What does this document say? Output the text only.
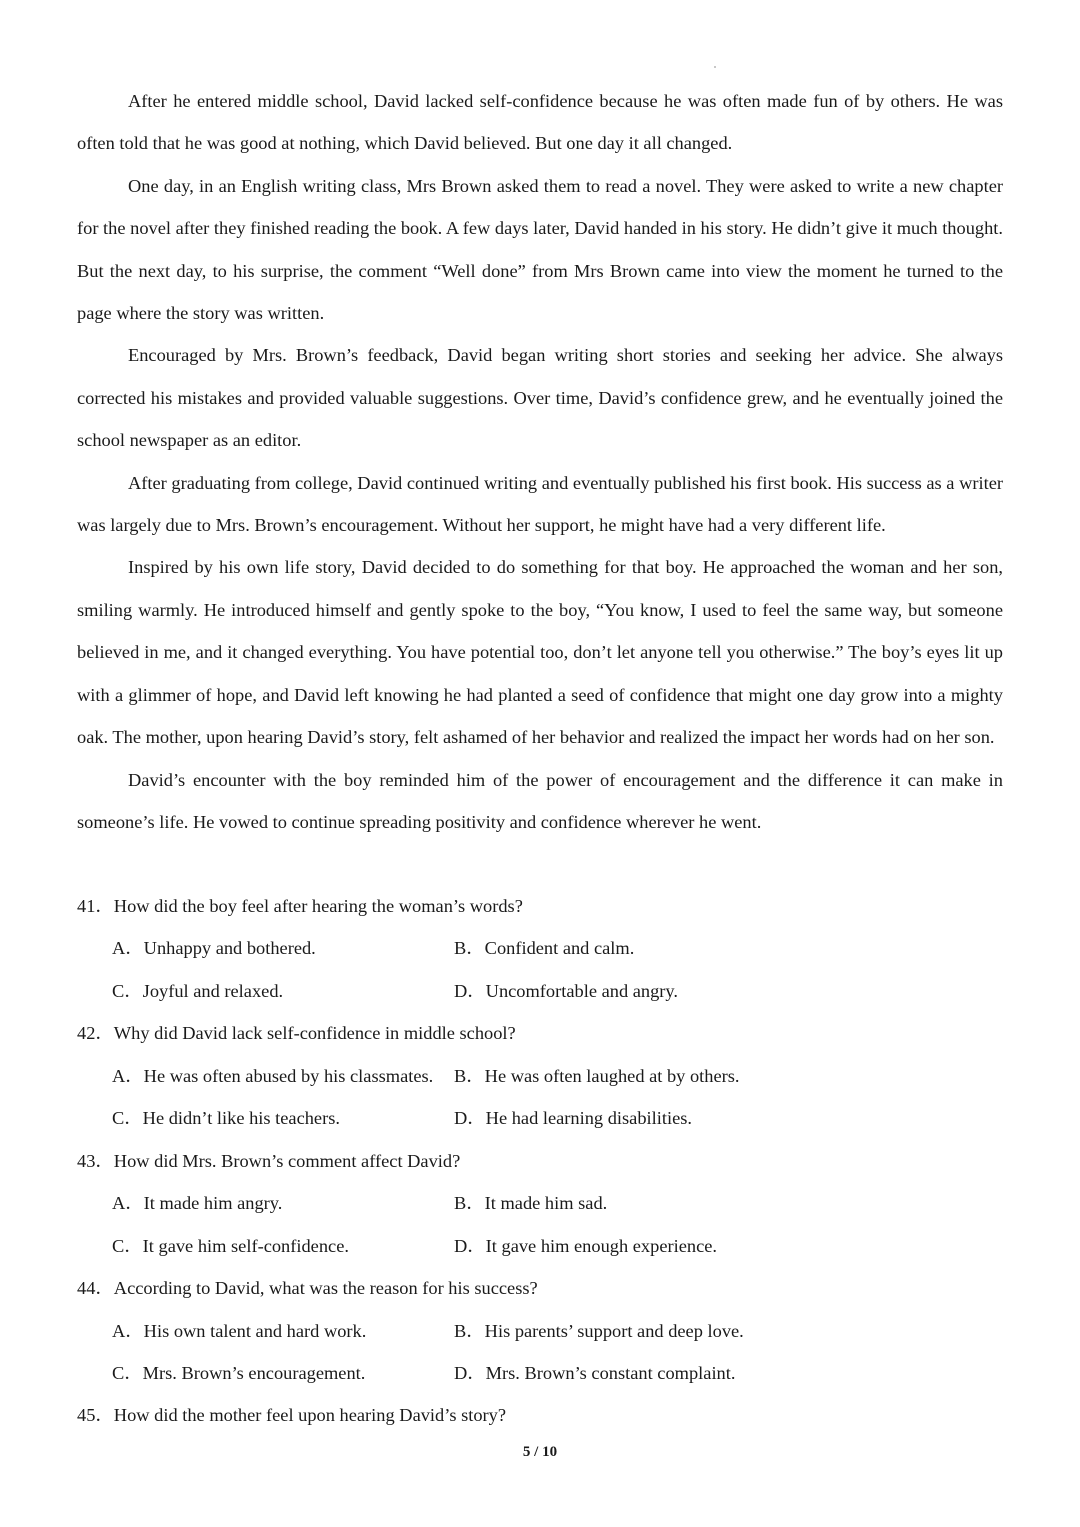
After he entered middle school, David lacked self-confidence because he was often made fun of by others. He was often told that he was good at nothing, which David believed. But one day it all changed.

One day, in an English writing class, Mrs Brown asked them to read a novel. They were asked to write a new chapter for the novel after they finished reading the book. A few days later, David handed in his story. He didn’t give it much thought. But the next day, to his surprise, the comment “Well done” from Mrs Brown came into view the moment he turned to the page where the story was written.

Encouraged by Mrs. Brown’s feedback, David began writing short stories and seeking her advice. She always corrected his mistakes and provided valuable suggestions. Over time, David’s confidence grew, and he eventually joined the school newspaper as an editor.

After graduating from college, David continued writing and eventually published his first book. His success as a writer was largely due to Mrs. Brown’s encouragement. Without her support, he might have had a very different life.

Inspired by his own life story, David decided to do something for that boy. He approached the woman and her son, smiling warmly. He introduced himself and gently spoke to the boy, “You know, I used to feel the same way, but someone believed in me, and it changed everything. You have potential too, don’t let anyone tell you otherwise.” The boy’s eyes lit up with a glimmer of hope, and David left knowing he had planted a seed of confidence that might one day grow into a mighty oak. The mother, upon hearing David’s story, felt ashamed of her behavior and realized the impact her words had on her son.

David’s encounter with the boy reminded him of the power of encouragement and the difference it can make in someone’s life. He vowed to continue spreading positivity and confidence wherever he went.

41．How did the boy feel after hearing the woman’s words?
A．Unhappy and bothered.	B．Confident and calm.
C．Joyful and relaxed.	D．Uncomfortable and angry.
42．Why did David lack self-confidence in middle school?
A．He was often abused by his classmates. B．He was often laughed at by others.
C．He didn’t like his teachers.	D．He had learning disabilities.
43．How did Mrs. Brown’s comment affect David?
A．It made him angry.	B．It made him sad.
C．It gave him self-confidence.	D．It gave him enough experience.
44．According to David, what was the reason for his success?
A．His own talent and hard work.	B．His parents’ support and deep love.
C．Mrs. Brown’s encouragement.	D．Mrs. Brown’s constant complaint.
45．How did the mother feel upon hearing David’s story?
5 / 10
